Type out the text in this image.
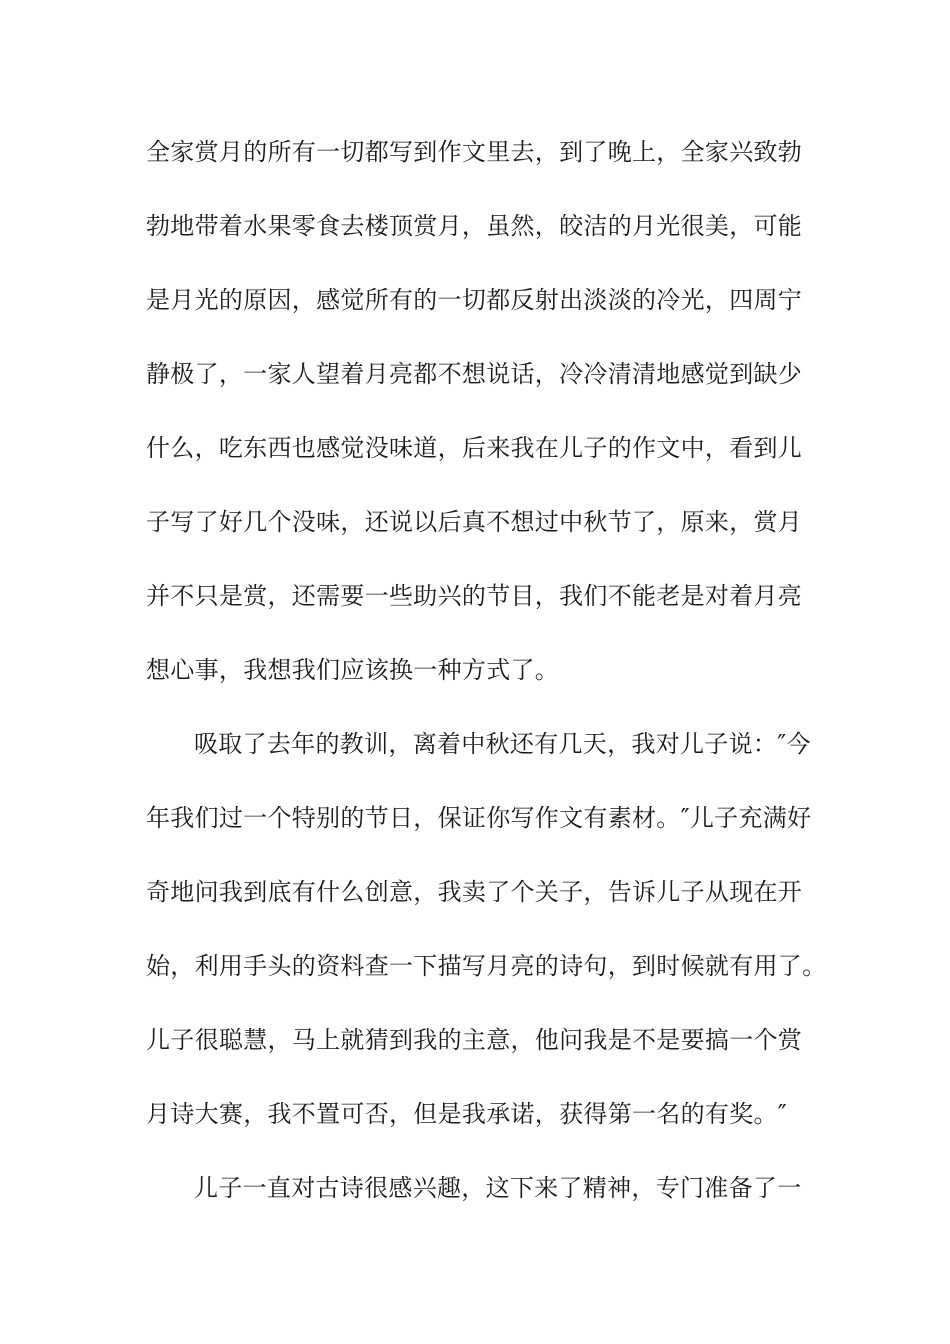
全家赏月的所有一切都写到作文里去，到了晚上，全家兴致勃
勃地带着水果零食去楼顶赏月，虽然，皎洁的月光很美，可能
是月光的原因，感觉所有的一切都反射出淡淡的冷光，四周宁
静极了，一家人望着月亮都不想说话，冷冷清清地感觉到缺少
什么，吃东西也感觉没味道，后来我在儿子的作文中，看到儿
子写了好几个没味，还说以后真不想过中秋节了，原来，赏月
并不只是赏，还需要一些助兴的节目，我们不能老是对着月亮
想心事，我想我们应该换一种方式了。
吸取了去年的教训，离着中秋还有几天，我对儿子说：″今
年我们过一个特别的节日，保证你写作文有素材。″儿子充满好
奇地问我到底有什么创意，我卖了个关子，告诉儿子从现在开
始，利用手头的资料查一下描写月亮的诗句，到时候就有用了。
儿子很聪慧，马上就猜到我的主意，他问我是不是要搞一个赏
月诗大赛，我不置可否，但是我承诺，获得第一名的有奖。″
儿子一直对古诗很感兴趣，这下来了精神，专门准备了一
